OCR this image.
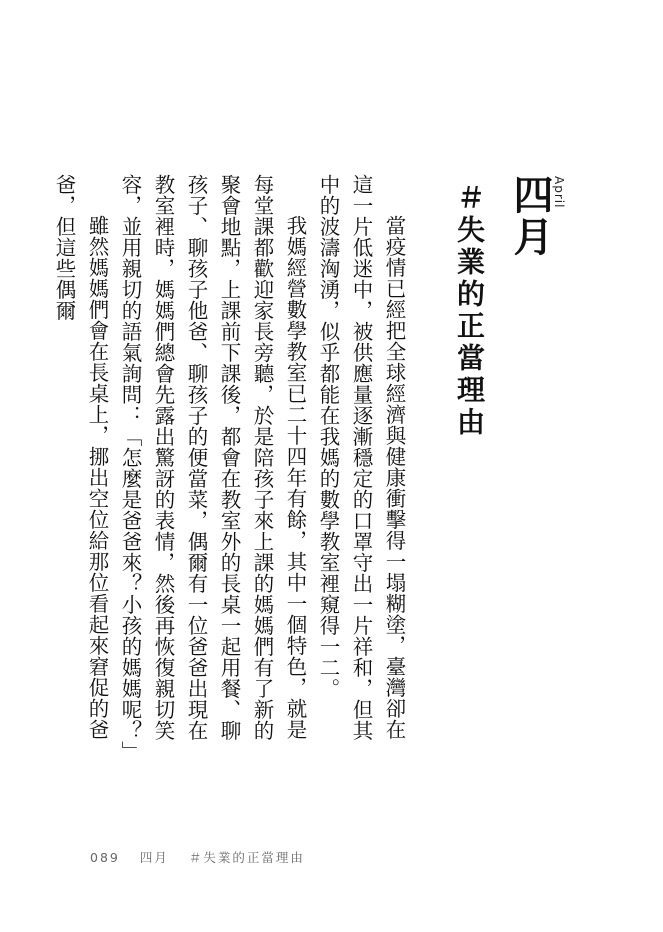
四月 April
＃失業的正當理由

當疫情已經把全球經濟與健康衝擊得一塌糊塗，臺灣卻在這一片低迷中，被供應量逐漸穩定的口罩守出一片祥和，但其中的波濤洶湧，似乎都能在我媽的數學教室裡窺得一二。

我媽經營數學教室已二十四年有餘，其中一個特色，就是每堂課都歡迎家長旁聽，於是陪孩子來上課的媽媽們有了新的聚會地點，上課前下課後，都會在教室外的長桌一起用餐、聊孩子、聊孩子他爸、聊孩子的便當菜，偶爾有一位爸爸出現在教室裡時，媽媽們總會先露出驚訝的表情，然後再恢復親切笑容，並用親切的語氣詢問：「怎麼是爸爸來？小孩的媽媽呢？」

雖然媽媽們會在長桌上，挪出空位給那位看起來窘促的爸爸，但這些偶爾

089 四月 ＃失業的正當理由
